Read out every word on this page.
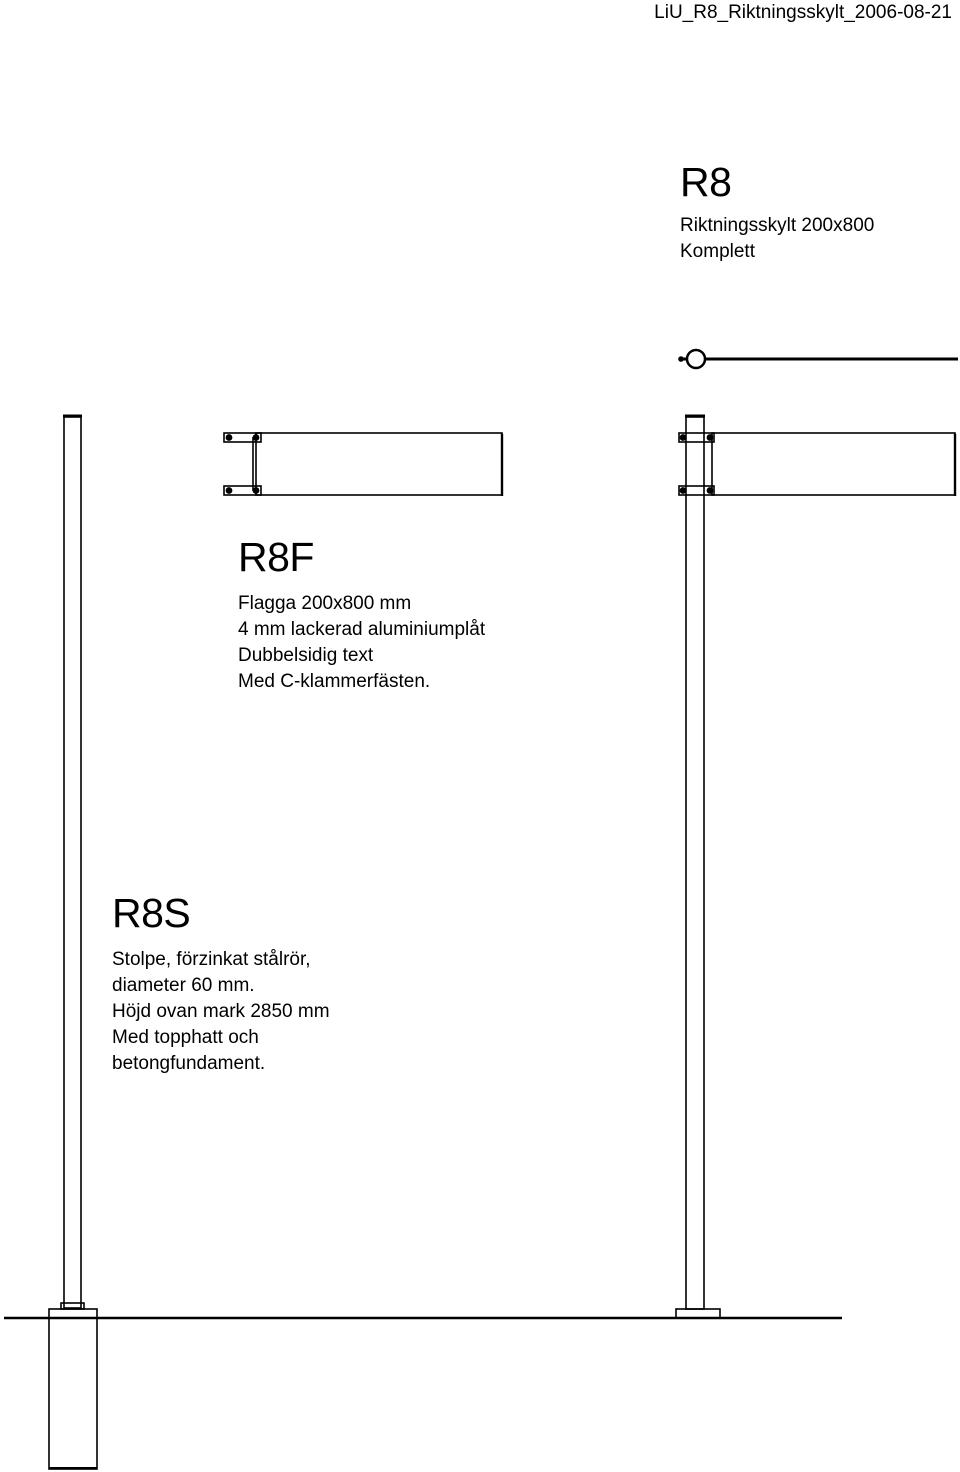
LiU_R8_Riktningsskylt_2006-08-21
R8
Riktningsskylt 200x800
Komplett
R8F
Flagga 200x800 mm
4 mm lackerad aluminiumplåt
Dubbelsidig text
Med C-klammerfästen.
R8S
Stolpe, förzinkat stålrör,
diameter 60 mm.
Höjd ovan mark 2850 mm
Med topphatt och
betongfundament.
